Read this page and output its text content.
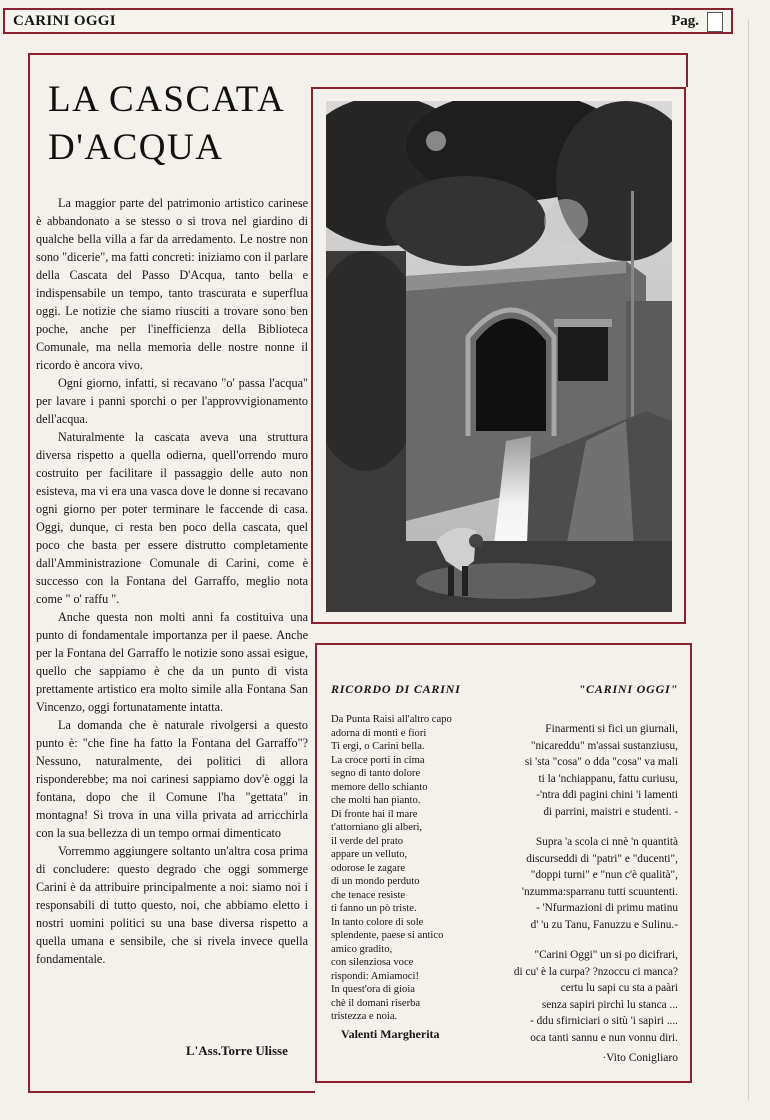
CARINI OGGI	Pag.
LA CASCATA
D'ACQUA

La maggior parte del patrimonio artistico carinese è abbandonato a se stesso o si trova nel giardino di qualche bella villa a far da arredamento. Le nostre non sono "dicerie", ma fatti concreti: iniziamo con il parlare della Cascata del Passo D'Acqua, tanto bella e indispensabile un tempo, tanto trascurata e superflua oggi. Le notizie che siamo riusciti a trovare sono ben poche, anche per l'inefficienza della Biblioteca Comunale, ma nella memoria delle nostre nonne il ricordo è ancora vivo.

Ogni giorno, infatti, si recavano "o' passa l'acqua" per lavare i panni sporchi o per l'approvvigionamento dell'acqua.

Naturalmente la cascata aveva una struttura diversa rispetto a quella odierna, quell'orrendo muro costruito per facilitare il passaggio delle auto non esisteva, ma vi era una vasca dove le donne si recavano ogni giorno per poter terminare le faccende di casa. Oggi, dunque, ci resta ben poco della cascata, quel poco che basta per essere distrutto completamente dall'Amministrazione Comunale di Carini, come è successo con la Fontana del Garraffo, meglio nota come " o' raffu ".

Anche questa non molti anni fa costituiva una punto di fondamentale importanza per il paese. Anche per la Fontana del Garraffo le notizie sono assai esigue, quello che sappiamo è che da un punto di vista prettamente artistico era molto simile alla Fontana San Vincenzo, oggi fortunatamente intatta.

La domanda che è naturale rivolgersi a questo punto è: "che fine ha fatto la Fontana del Garraffo"? Nessuno, naturalmente, dei politici di allora risponderebbe; ma noi carinesi sappiamo dov'è oggi la fontana, dopo che il Comune l'ha "gettata" in montagna! Si trova in una villa privata ad arricchirla con la sua bellezza di un tempo ormai dimenticato

Vorremmo aggiungere soltanto un'altra cosa prima di concludere: questo degrado che oggi sommerge Carini è da attribuire principalmente a noi: siamo noi i responsabili di tutto questo, noi, che abbiamo eletto i nostri uomini politici su una base diversa rispetto a quella umana e sensibile, che si rivela invece quella fondamentale.

L'Ass.Torre Ulisse
RICORDO DI CARINI
Da Punta Raisi all'altro capo
adorna di monti e fiori
Ti ergi, o Carini bella.
La croce porti in cima
segno di tanto dolore
memore dello schianto
che molti han pianto.
Di fronte hai il mare
t'attorniano gli alberi,
il verde del prato
appare un velluto,
odorose le zagare
di un mondo perduto
che tenace resiste
ti fanno un pò triste.
In tanto colore di sole
splendente, paese si antico
amico gradito,
con silenziosa voce
rispondi: Amiamoci!
In quest'ora di gioia
chè il domani riserba
tristezza e noia.
Valenti Margherita
"CARINI OGGI"
Finarmenti si fici un giurnali,
"nicareddu" m'assai sustanziusu,
si 'sta "cosa" o dda "cosa" va mali
ti la 'nchiappanu, fattu curiusu,
-'ntra ddi pagini chini 'i lamenti
di parrini, maistri e studenti. -
Supra 'a scola ci nnè 'n quantità
discurseddi di "patri" e "ducenti",
"doppi turni" e "nun c'è qualità",
'nzumma:sparranu tutti scuuntenti.
- 'Nfurmazioni di primu matinu
d' 'u zu Tanu, Fanuzzu e Sulinu.-
"Carini Oggi" un si po dicifrari,
di cu' è la curpa? ?nzoccu ci manca?
certu lu sapi cu sta a paàri
senza sapiri pirchì lu stanca ...
- ddu sfirniciari o sitù 'i sapiri ....
oca tanti sannu e nun vonnu diri.
·Vito Conigliaro
